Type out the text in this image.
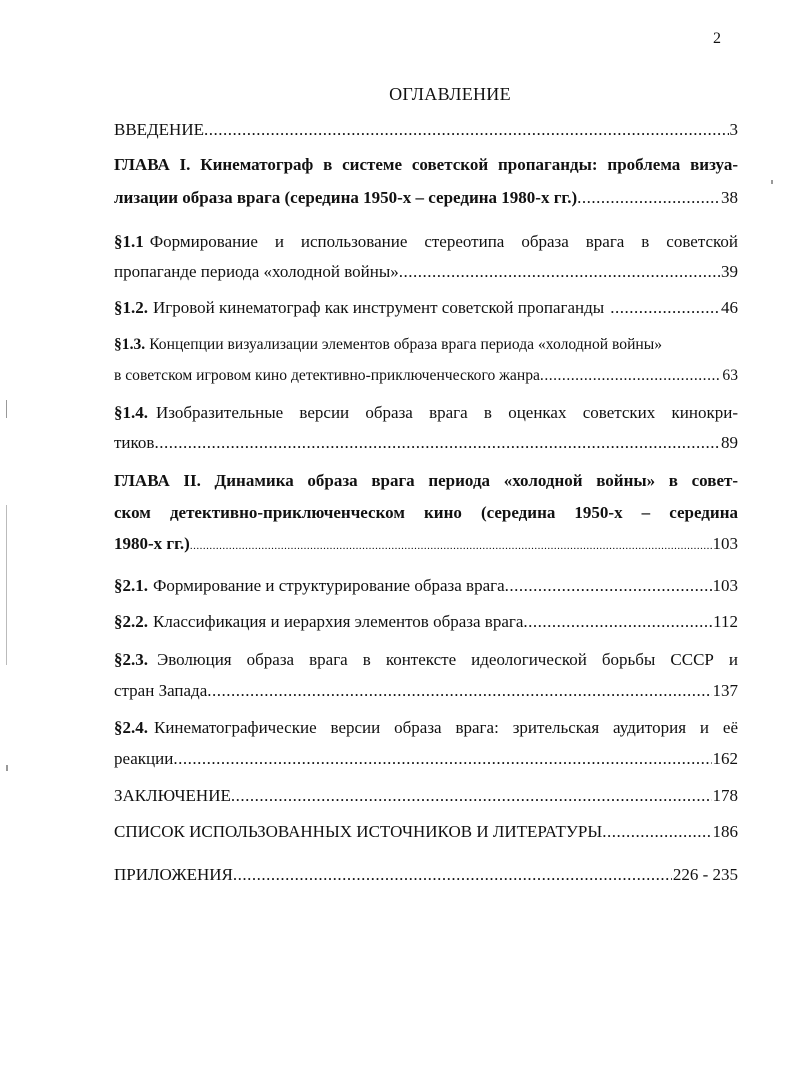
2
ОГЛАВЛЕНИЕ
ВВЕДЕНИЕ .....	3
ГЛАВА I. Кинематограф в системе советской пропаганды: проблема визуа-
лизации образа врага (середина 1950-х – середина 1980-х гг.) .....	38
§1.1 Формирование и использование стереотипа образа врага в советской
пропаганде периода «холодной войны» .....	39
§1.2. Игровой кинематограф как инструмент советской пропаганды .....	46
§1.3. Концепции визуализации элементов образа врага периода «холодной войны»
в советском игровом кино детективно-приключенческого жанра .....	63
§1.4. Изобразительные версии образа врага в оценках советских кинокри-
тиков .....	89
ГЛАВА II. Динамика образа врага периода «холодной войны» в совет-
ском детективно-приключенческом кино (середина 1950-х – середина
1980-х гг.) .....	103
§2.1. Формирование и структурирование образа врага .....	103
§2.2. Классификация и иерархия элементов образа врага .....	112
§2.3. Эволюция образа врага в контексте идеологической борьбы СССР и
стран Запада .....	137
§2.4. Кинематографические версии образа врага: зрительская аудитория и её
реакции .....	162
ЗАКЛЮЧЕНИЕ .....	178
СПИСОК ИСПОЛЬЗОВАННЫХ ИСТОЧНИКОВ И ЛИТЕРАТУРЫ .....	186
ПРИЛОЖЕНИЯ .....	226 - 235
